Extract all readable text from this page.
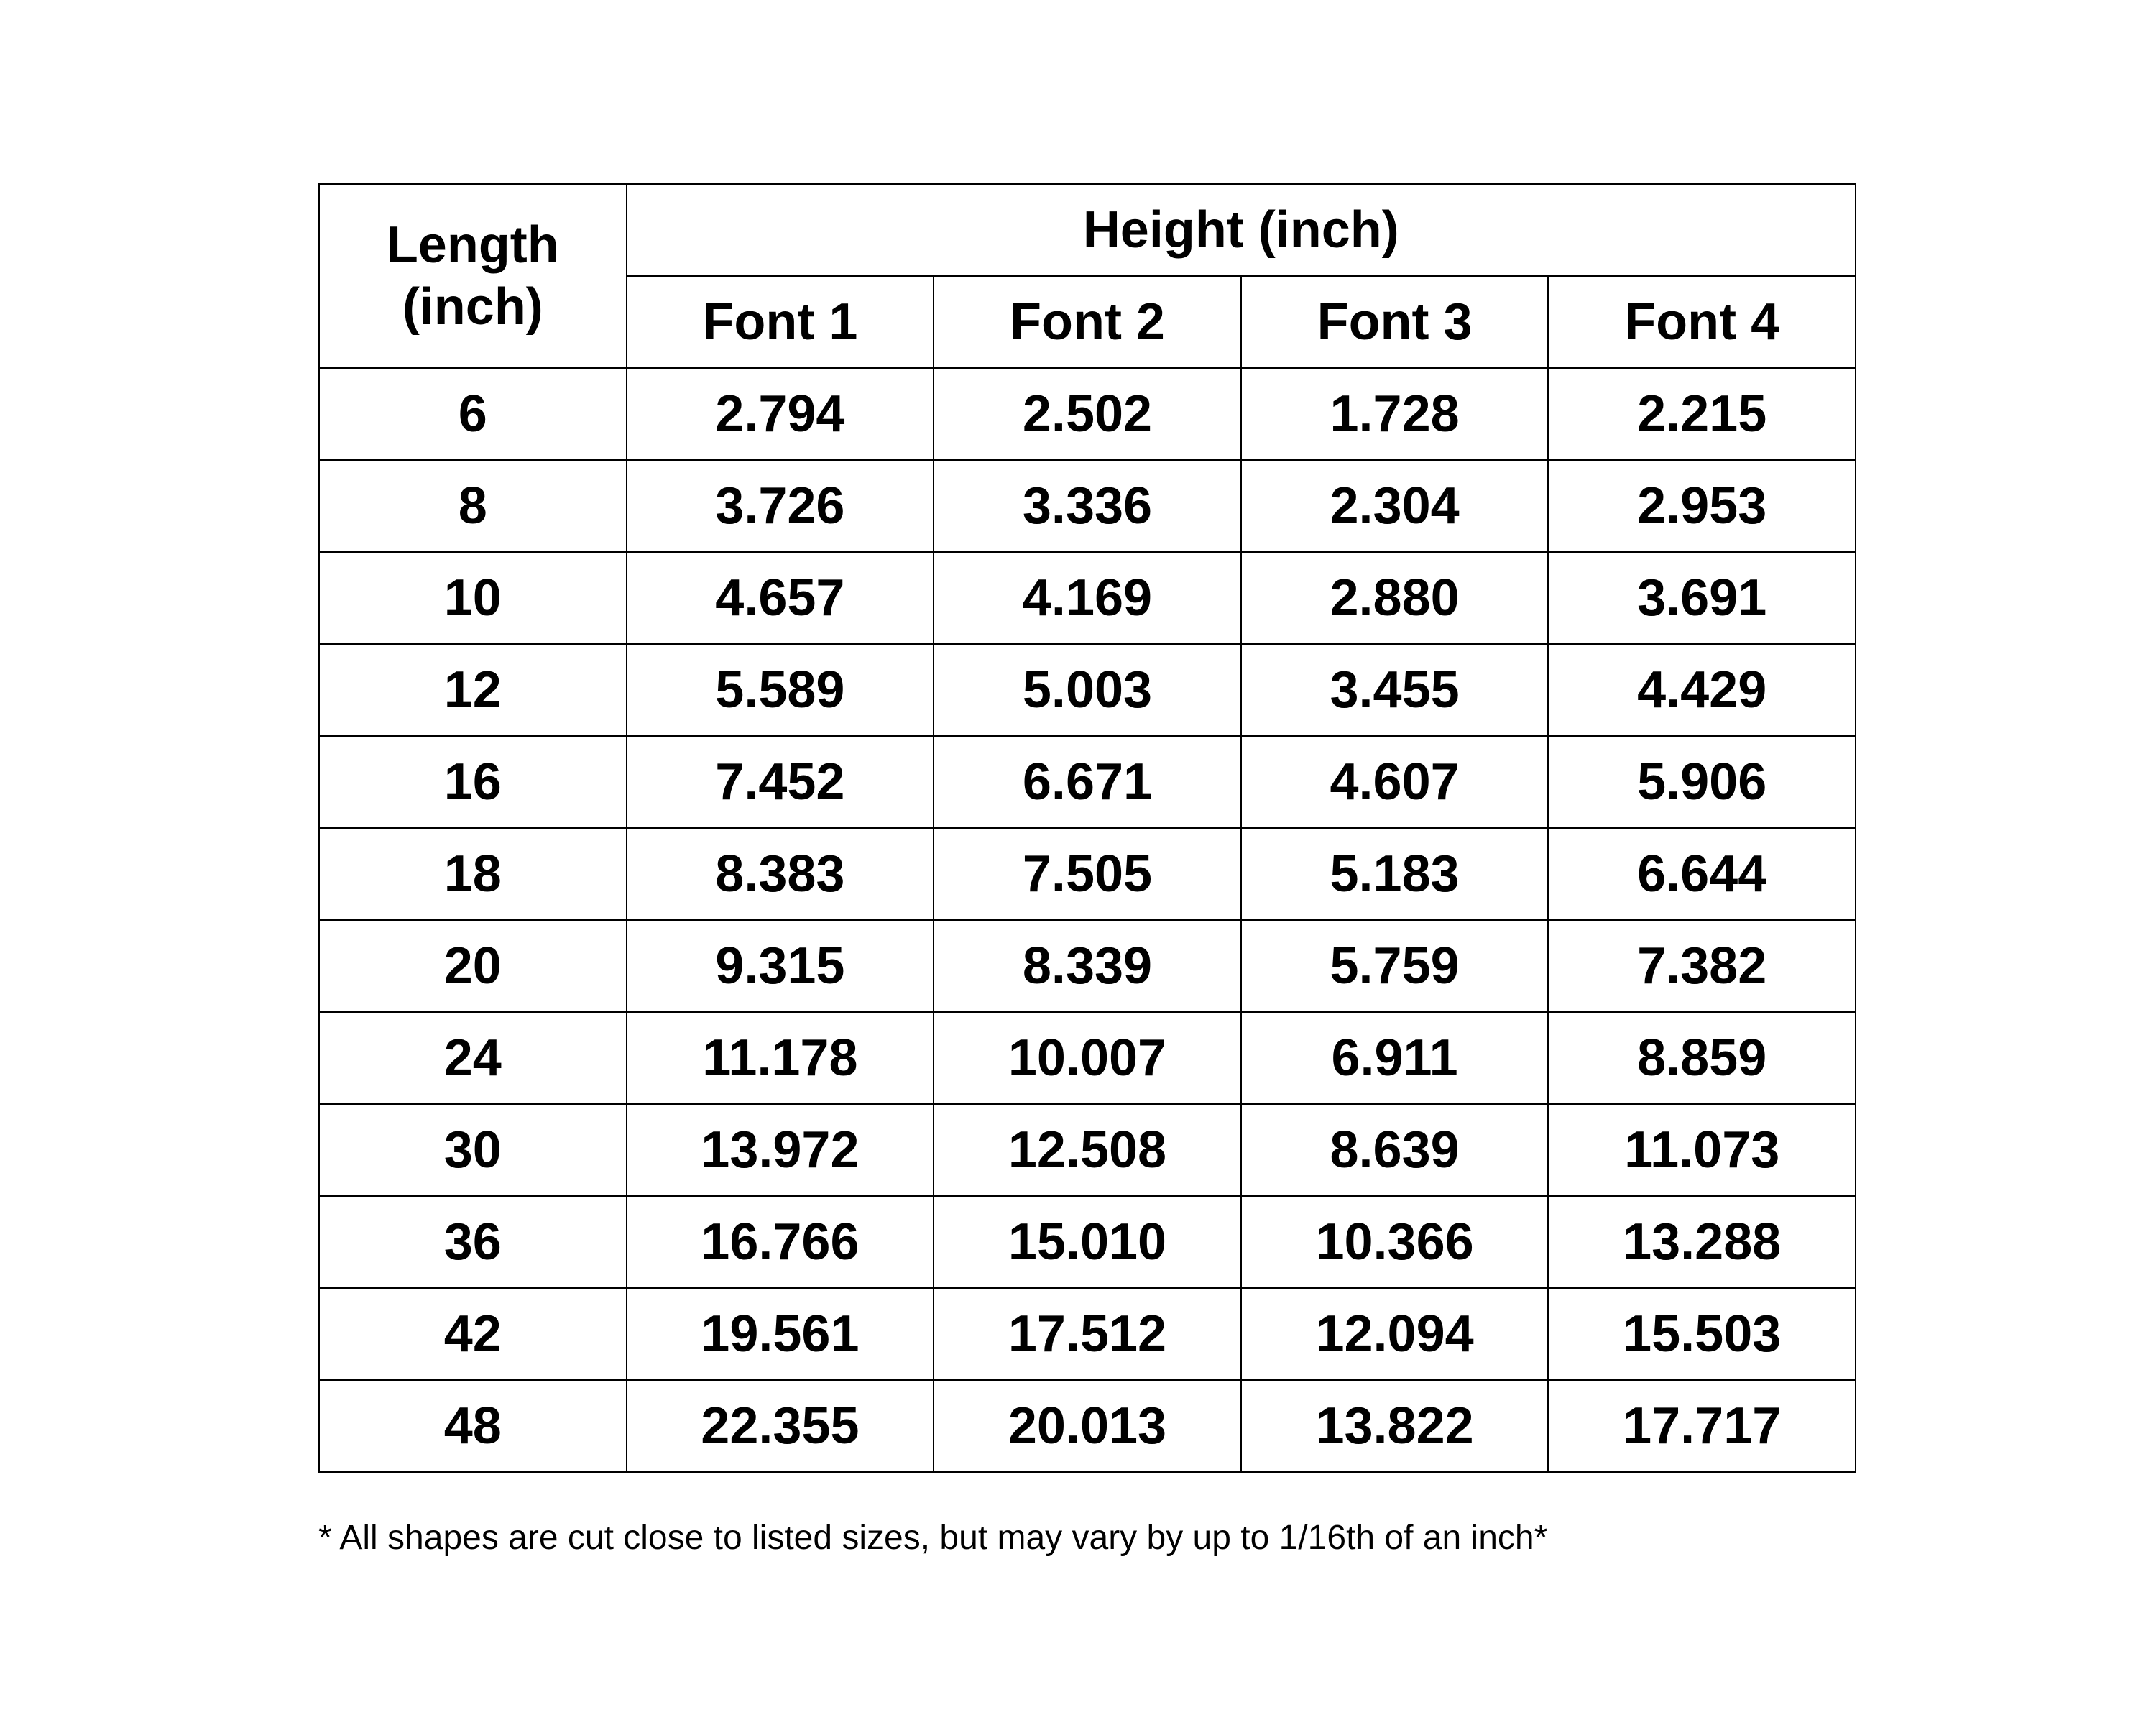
Length
(inch)	Height (inch)			
	Font 1	Font 2	Font 3	Font 4
6	2.794	2.502	1.728	2.215
8	3.726	3.336	2.304	2.953
10	4.657	4.169	2.880	3.691
12	5.589	5.003	3.455	4.429
16	7.452	6.671	4.607	5.906
18	8.383	7.505	5.183	6.644
20	9.315	8.339	5.759	7.382
24	11.178	10.007	6.911	8.859
30	13.972	12.508	8.639	11.073
36	16.766	15.010	10.366	13.288
42	19.561	17.512	12.094	15.503
48	22.355	20.013	13.822	17.717
* All shapes are cut close to listed sizes, but may vary by up to 1/16th of an inch*
